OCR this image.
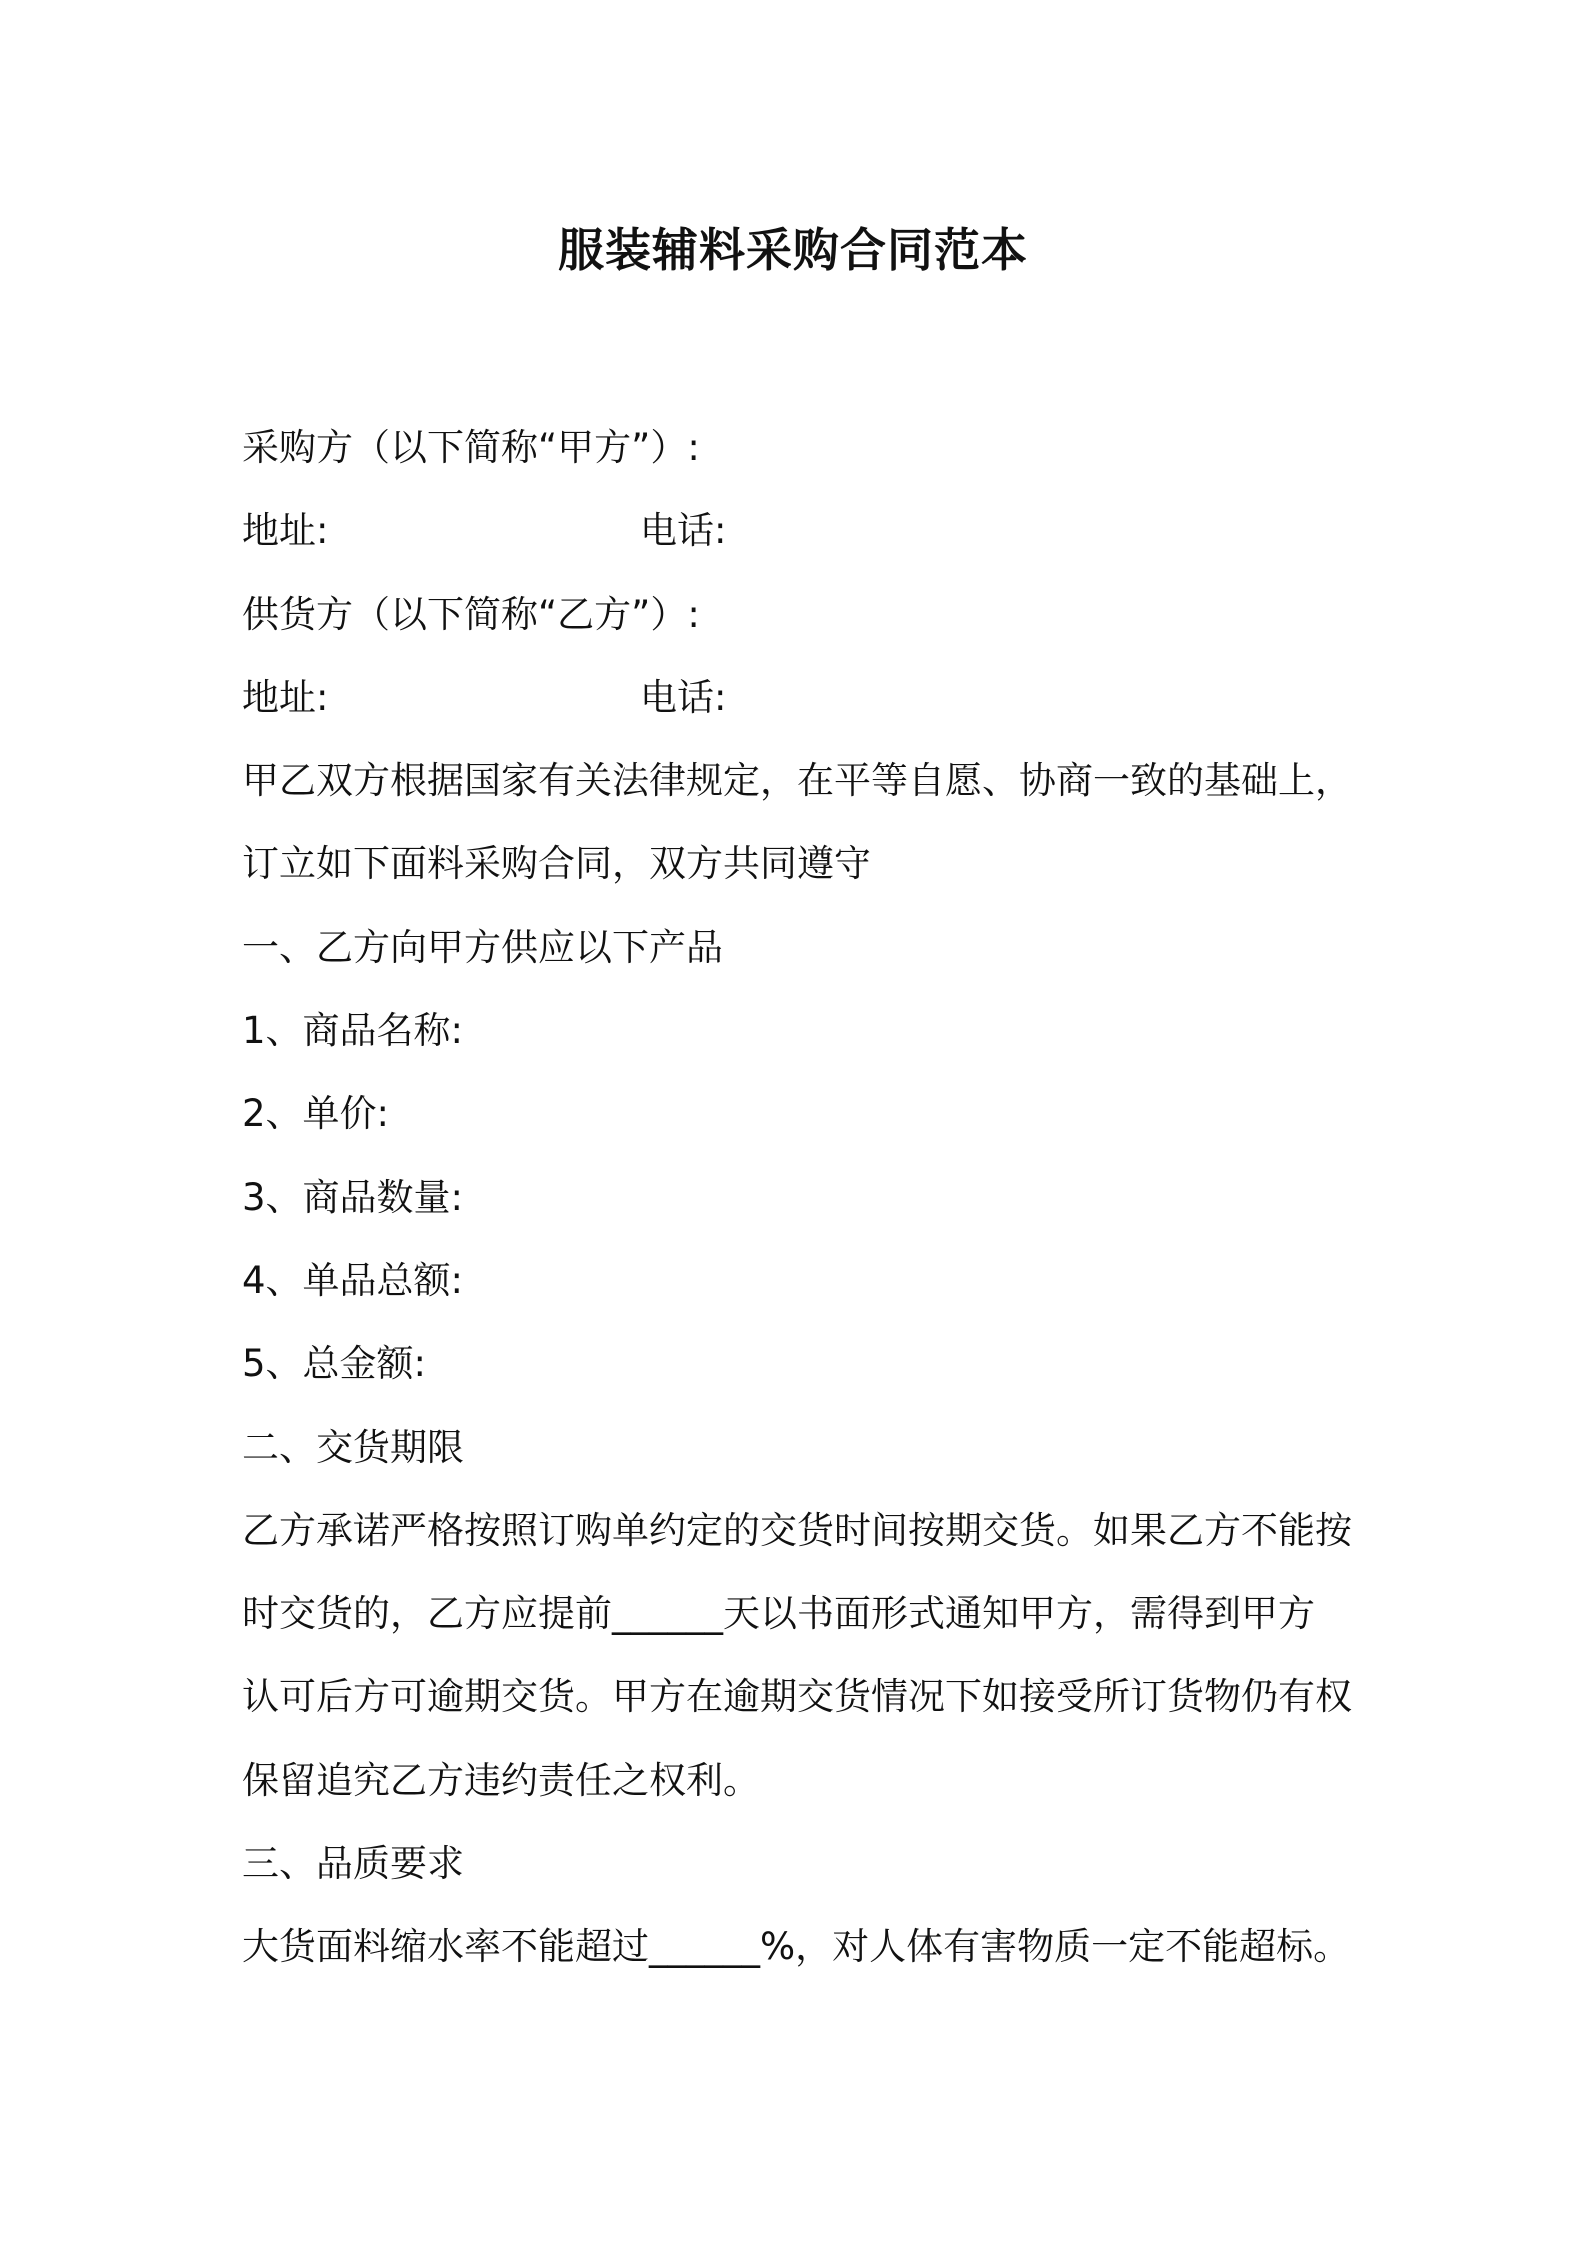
服装辅料采购合同范本
采购方（以下简称“甲方”）:
地址:	电话:
供货方（以下简称“乙方”）:
地址:	电话:
甲乙双方根据国家有关法律规定，在平等自愿、协商一致的基础上，
订立如下面料采购合同，双方共同遵守
一、乙方向甲方供应以下产品
1、商品名称:
2、单价:
3、商品数量:
4、单品总额:
5、总金额:
二、交货期限
乙方承诺严格按照订购单约定的交货时间按期交货。如果乙方不能按
时交货的，乙方应提前______天以书面形式通知甲方，需得到甲方
认可后方可逾期交货。甲方在逾期交货情况下如接受所订货物仍有权
保留追究乙方违约责任之权利。
三、品质要求
大货面料缩水率不能超过______%，对人体有害物质一定不能超标。
